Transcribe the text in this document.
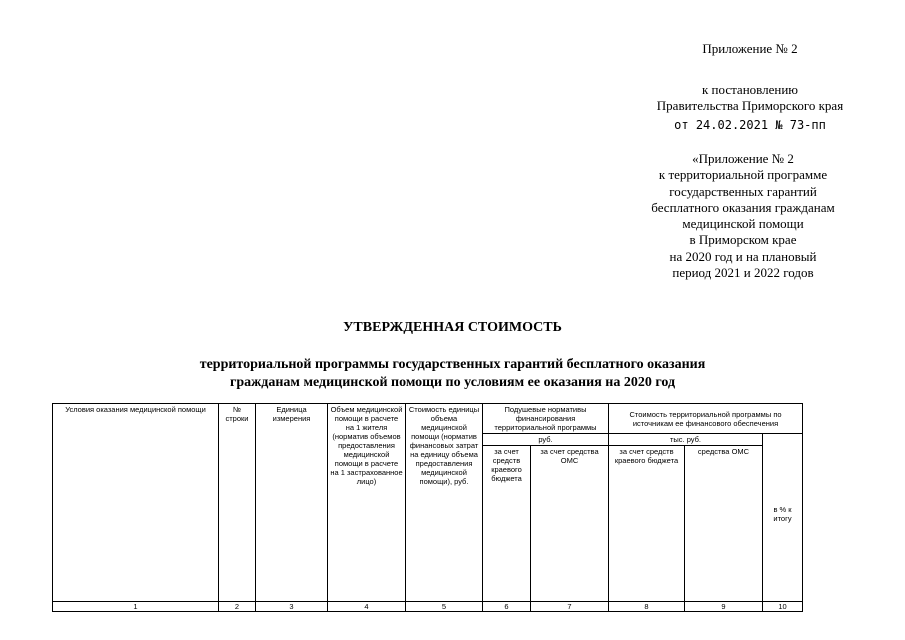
Приложение № 2
к постановлению
Правительства Приморского края
от 24.02.2021 № 73-пп
«Приложение № 2
к территориальной программе
государственных гарантий
бесплатного оказания гражданам
медицинской помощи
в Приморском крае
на 2020 год и на плановый
период 2021 и 2022 годов
УТВЕРЖДЕННАЯ СТОИМОСТЬ
территориальной программы государственных гарантий бесплатного оказания
гражданам медицинской помощи по условиям ее оказания на 2020 год
Условия оказания медицинской помощи	№ строки	Единица измерения	Объем медицинской помощи в расчете на 1 жителя (норматив объемов предоставления медицинской помощи в расчете на 1 застрахованное лицо)	Стоимость единицы объема медицинской помощи (норматив финансовых затрат на единицу объема предоставления медицинской помощи), руб.	Подушевые нормативы финансирования территориальной программы		Стоимость территориальной программы по источникам ее финансового обеспечения		
					руб.		тыс. руб.		в % к итогу
					за счет средств краевого бюджета	за счет средства ОМС	за счет средств краевого бюджета	средства ОМС	
1	2	3	4	5	6	7	8	9	10
